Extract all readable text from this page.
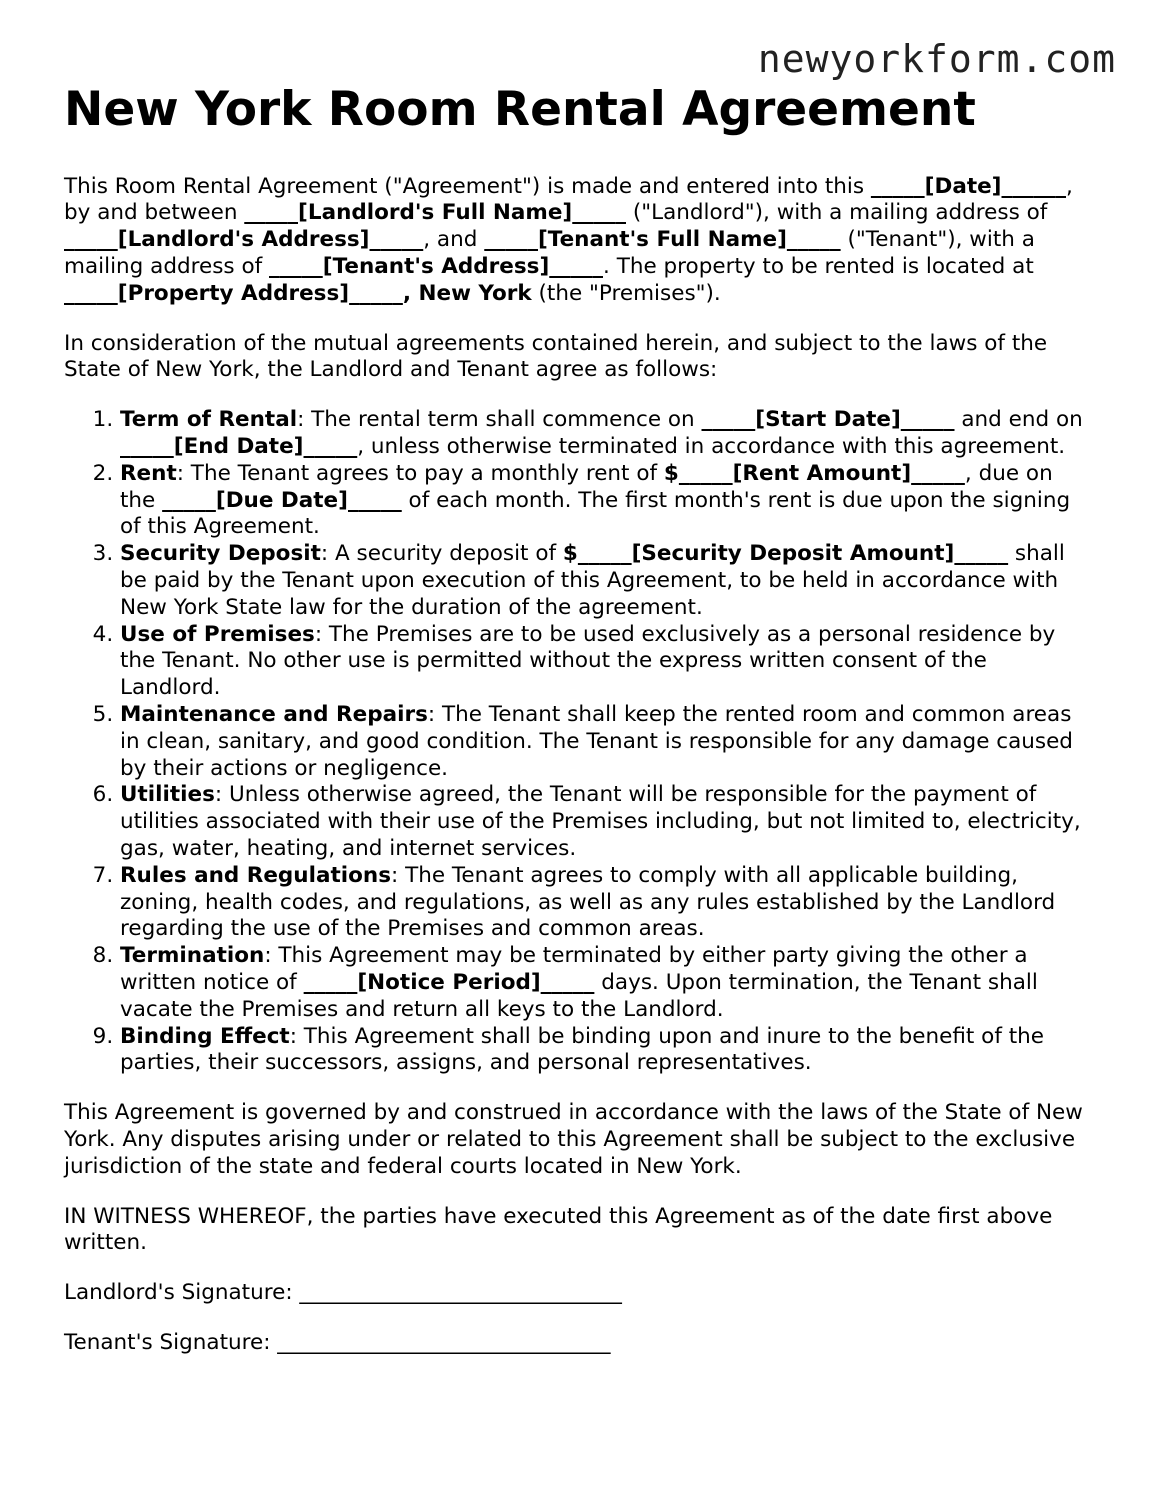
newyorkform.com
New York Room Rental Agreement

This Room Rental Agreement ("Agreement") is made and entered into this _____[Date]______, by and between _____[Landlord's Full Name]_____ ("Landlord"), with a mailing address of _____[Landlord's Address]_____, and _____[Tenant's Full Name]_____ ("Tenant"), with a mailing address of _____[Tenant's Address]_____. The property to be rented is located at _____[Property Address]_____, New York (the "Premises").

In consideration of the mutual agreements contained herein, and subject to the laws of the State of New York, the Landlord and Tenant agree as follows:

1. Term of Rental: The rental term shall commence on _____[Start Date]_____ and end on _____[End Date]_____, unless otherwise terminated in accordance with this agreement.
2. Rent: The Tenant agrees to pay a monthly rent of $_____[Rent Amount]_____, due on the _____[Due Date]_____ of each month. The first month's rent is due upon the signing of this Agreement.
3. Security Deposit: A security deposit of $_____[Security Deposit Amount]_____ shall be paid by the Tenant upon execution of this Agreement, to be held in accordance with New York State law for the duration of the agreement.
4. Use of Premises: The Premises are to be used exclusively as a personal residence by the Tenant. No other use is permitted without the express written consent of the Landlord.
5. Maintenance and Repairs: The Tenant shall keep the rented room and common areas in clean, sanitary, and good condition. The Tenant is responsible for any damage caused by their actions or negligence.
6. Utilities: Unless otherwise agreed, the Tenant will be responsible for the payment of utilities associated with their use of the Premises including, but not limited to, electricity, gas, water, heating, and internet services.
7. Rules and Regulations: The Tenant agrees to comply with all applicable building, zoning, health codes, and regulations, as well as any rules established by the Landlord regarding the use of the Premises and common areas.
8. Termination: This Agreement may be terminated by either party giving the other a written notice of _____[Notice Period]_____ days. Upon termination, the Tenant shall vacate the Premises and return all keys to the Landlord.
9. Binding Effect: This Agreement shall be binding upon and inure to the benefit of the parties, their successors, assigns, and personal representatives.

This Agreement is governed by and construed in accordance with the laws of the State of New York. Any disputes arising under or related to this Agreement shall be subject to the exclusive jurisdiction of the state and federal courts located in New York.

IN WITNESS WHEREOF, the parties have executed this Agreement as of the date first above written.

Landlord's Signature: ______________________________

Tenant's Signature: _______________________________
